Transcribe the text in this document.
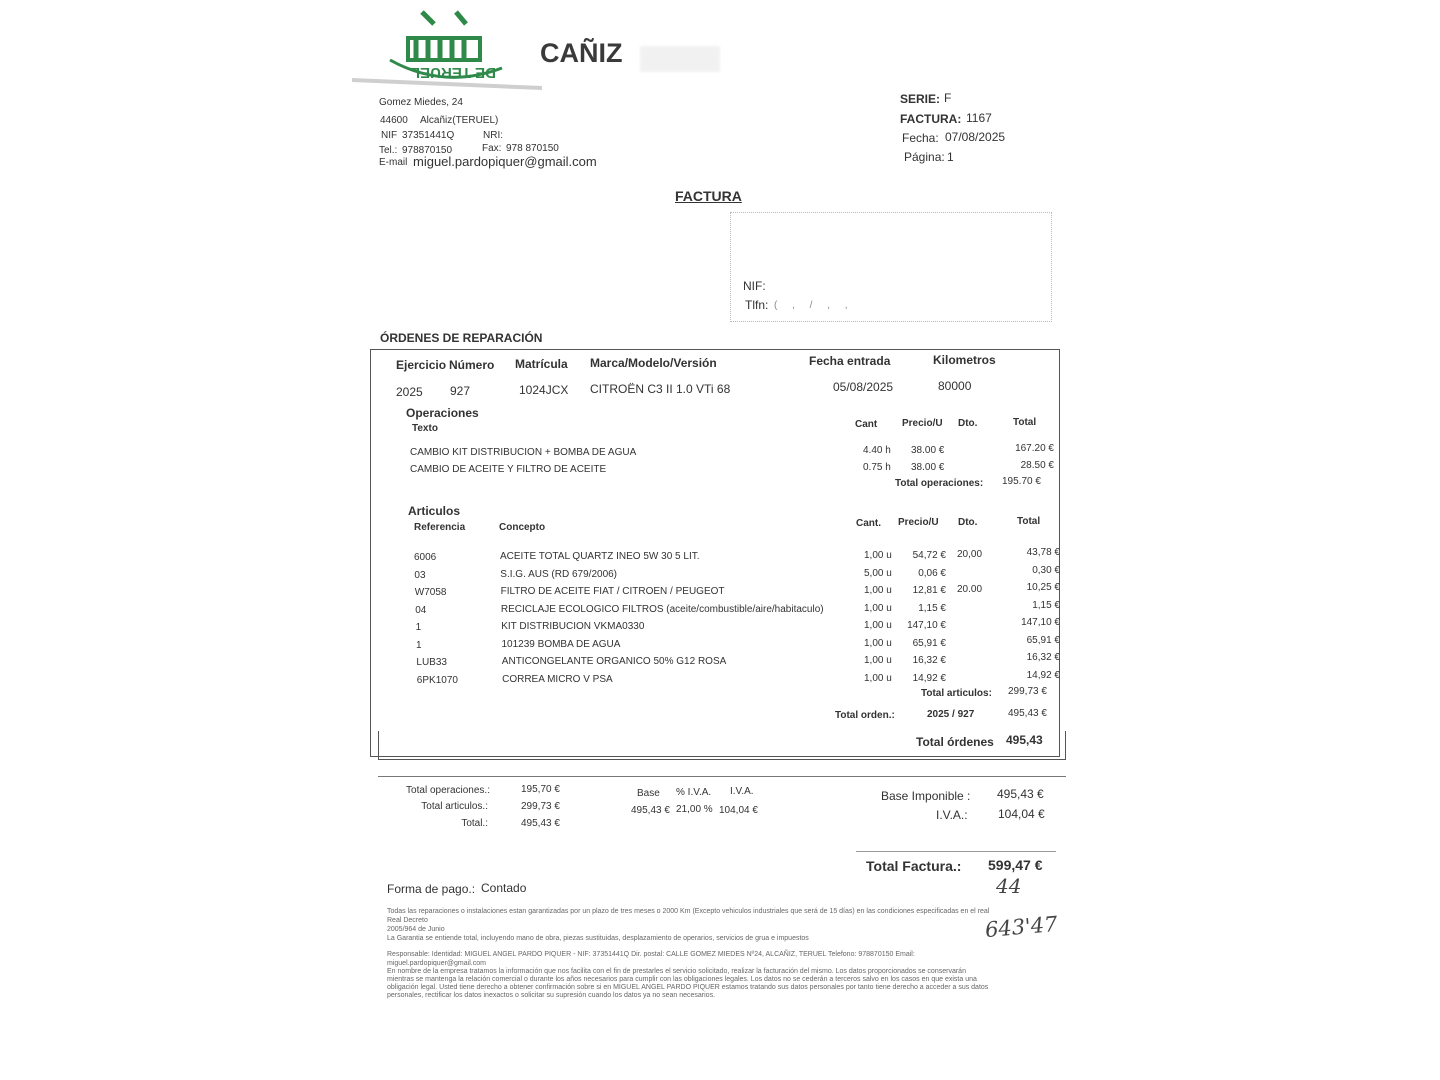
DE TERUEL
CAÑIZ
Gomez Miedes, 24
44600 Alcañiz(TERUEL)
NIF 37351441Q	NRI:
Tel.: 978870150	Fax: 978 870150
E-mail miguel.pardopiquer@gmail.com
SERIE: F
FACTURA: 1167
Fecha: 07/08/2025
Página: 1
FACTURA
NIF:
Tlfn: ( , / , ,
ÓRDENES DE REPARACIÓN
Ejercicio Número Matrícula Marca/Modelo/Versión	Fecha entrada	Kilometros
2025 927	1024JCX CITROËN C3 II 1.0 VTi 68	05/08/2025	80000
Operaciones
Texto	Cant Precio/U Dto.	Total
CAMBIO KIT DISTRIBUCION + BOMBA DE AGUA	4.40 h 38.00 €	167.20 €
CAMBIO DE ACEITE Y FILTRO DE ACEITE	0.75 h 38.00 €	28.50 €
Total operaciones: 195.70 €
Articulos
Referencia	Concepto	Cant. Precio/U Dto.	Total
6006	ACEITE TOTAL QUARTZ INEO 5W 30 5 LIT.	1,00 u	54,72 € 20,00	43,78 €
03	S.I.G. AUS (RD 679/2006)	5,00 u	0,06 €	0,30 €
W7058	FILTRO DE ACEITE FIAT / CITROEN / PEUGEOT	1,00 u	12,81 € 20.00	10,25 €
04	RECICLAJE ECOLOGICO FILTROS (aceite/combustible/aire/habitaculo)	1,00 u	1,15 €	1,15 €
1	KIT DISTRIBUCION VKMA0330	1,00 u	147,10 €	147,10 €
1	101239 BOMBA DE AGUA	1,00 u	65,91 €	65,91 €
LUB33	ANTICONGELANTE ORGANICO 50% G12 ROSA	1,00 u	16,32 €	16,32 €
6PK1070	CORREA MICRO V PSA	1,00 u	14,92 €	14,92 €
Total articulos: 299,73 €
Total orden.:	2025 / 927	495,43 €
Total órdenes 495,43
Total operaciones.:	195,70 €
Total articulos.:	299,73 €
Total.:	495,43 €
Base % I.V.A. I.V.A.
495,43 € 21,00 % 104,04 €
Base Imponible : 495,43 €
I.V.A.:	104,04 €
Total Factura.: 599,47 €
44
643'47
Forma de pago.: Contado
Todas las reparaciones o instalaciones estan garantizadas por un plazo de tres meses o 2000 Km (Excepto vehiculos industriales que será de 15 días) en las condiciones especificadas en el real
Real Decreto
2005/964 de Junio
La Garantia se entiende total, incluyendo mano de obra, piezas sustituidas, desplazamiento de operarios, servicios de grua e impuestos
Responsable: Identidad: MIGUEL ANGEL PARDO PIQUER - NIF: 37351441Q Dir. postal: CALLE GOMEZ MIEDES Nº24, ALCAÑIZ, TERUEL Telefono: 978870150 Email:
miguel.pardopiquer@gmail.com
En nombre de la empresa tratamos la información que nos facilita con el fin de prestarles el servicio solicitado, realizar la facturación del mismo. Los datos proporcionados se conservarán
mientras se mantenga la relación comercial o durante los años necesarios para cumplir con las obligaciones legales. Los datos no se cederán a terceros salvo en los casos en que exista una
obligación legal. Usted tiene derecho a obtener confirmación sobre si en MIGUEL ANGEL PARDO PIQUER estamos tratando sus datos personales por tanto tiene derecho a acceder a sus datos
personales, rectificar los datos inexactos o solicitar su supresión cuando los datos ya no sean necesarios.
